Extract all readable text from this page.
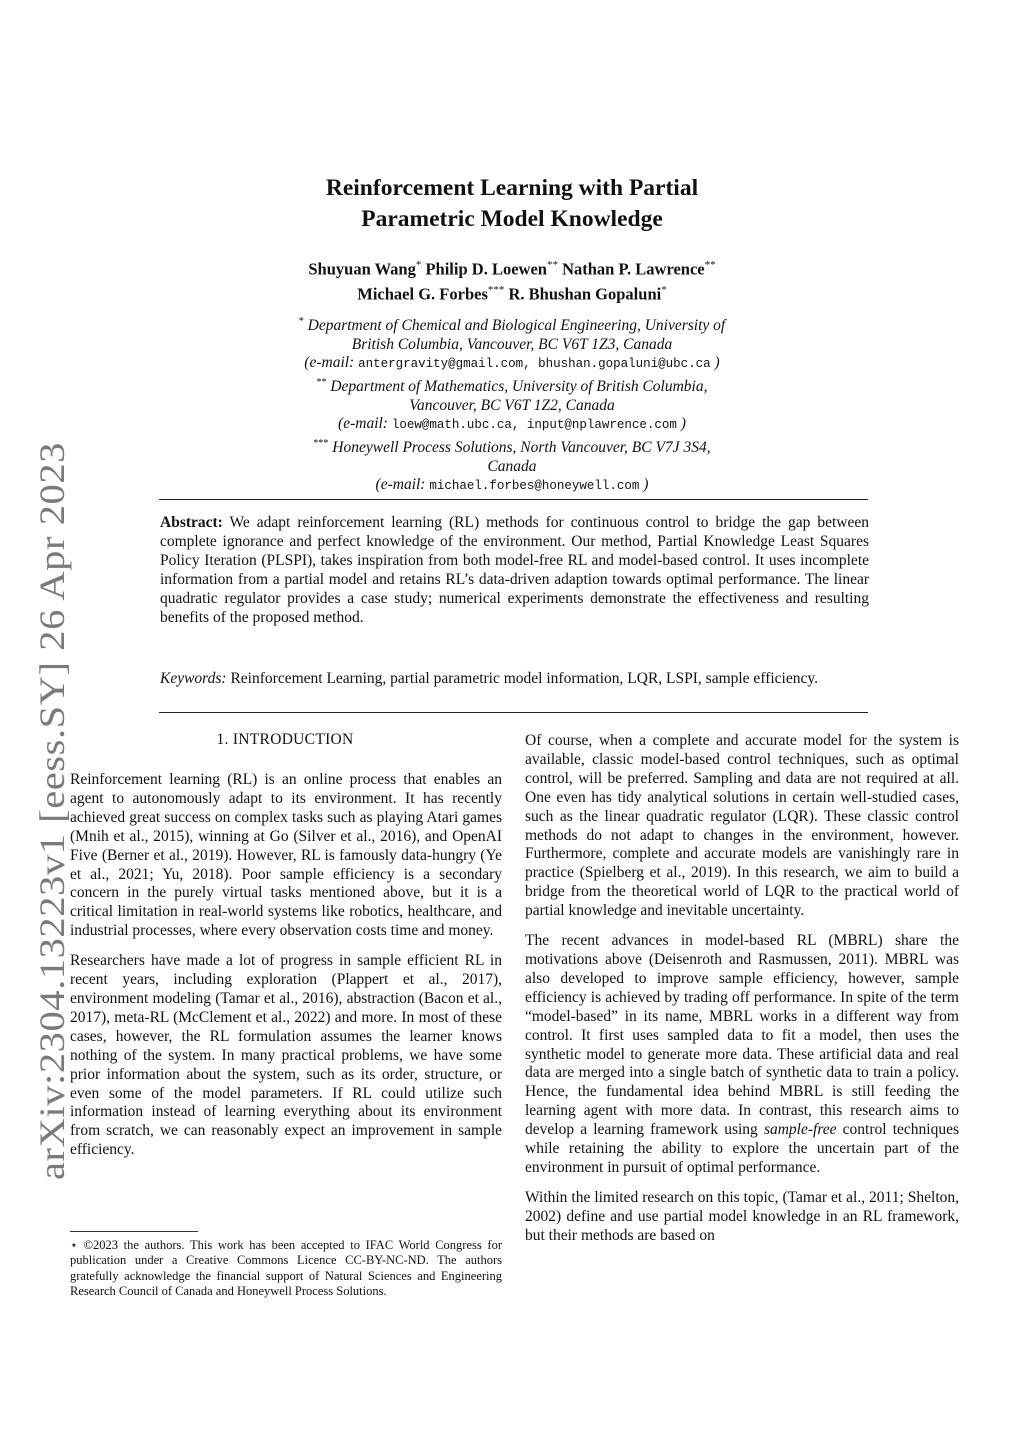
arXiv:2304.13223v1 [eess.SY] 26 Apr 2023
Reinforcement Learning with Partial
Parametric Model Knowledge
Shuyuan Wang* Philip D. Loewen** Nathan P. Lawrence**
Michael G. Forbes*** R. Bhushan Gopaluni*
* Department of Chemical and Biological Engineering, University of
British Columbia, Vancouver, BC V6T 1Z3, Canada
(e-mail: antergravity@gmail.com, bhushan.gopaluni@ubc.ca )
** Department of Mathematics, University of British Columbia,
Vancouver, BC V6T 1Z2, Canada
(e-mail: loew@math.ubc.ca, input@nplawrence.com )
*** Honeywell Process Solutions, North Vancouver, BC V7J 3S4,
Canada
(e-mail: michael.forbes@honeywell.com )
Abstract: We adapt reinforcement learning (RL) methods for continuous control to bridge the gap between complete ignorance and perfect knowledge of the environment. Our method, Partial Knowledge Least Squares Policy Iteration (PLSPI), takes inspiration from both model-free RL and model-based control. It uses incomplete information from a partial model and retains RL’s data-driven adaption towards optimal performance. The linear quadratic regulator provides a case study; numerical experiments demonstrate the effectiveness and resulting benefits of the proposed method.
Keywords: Reinforcement Learning, partial parametric model information, LQR, LSPI, sample efficiency.
1. INTRODUCTION

Reinforcement learning (RL) is an online process that enables an agent to autonomously adapt to its environment. It has recently achieved great success on complex tasks such as playing Atari games (Mnih et al., 2015), winning at Go (Silver et al., 2016), and OpenAI Five (Berner et al., 2019). However, RL is famously data-hungry (Ye et al., 2021; Yu, 2018). Poor sample efficiency is a secondary concern in the purely virtual tasks mentioned above, but it is a critical limitation in real-world systems like robotics, healthcare, and industrial processes, where every observation costs time and money.

Researchers have made a lot of progress in sample efficient RL in recent years, including exploration (Plappert et al., 2017), environment modeling (Tamar et al., 2016), abstraction (Bacon et al., 2017), meta-RL (McClement et al., 2022) and more. In most of these cases, however, the RL formulation assumes the learner knows nothing of the system. In many practical problems, we have some prior information about the system, such as its order, structure, or even some of the model parameters. If RL could utilize such information instead of learning everything about its environment from scratch, we can reasonably expect an improvement in sample efficiency.

⋆ ©2023 the authors. This work has been accepted to IFAC World Congress for publication under a Creative Commons Licence CC-BY-NC-ND. The authors gratefully acknowledge the financial support of Natural Sciences and Engineering Research Council of Canada and Honeywell Process Solutions.

Of course, when a complete and accurate model for the system is available, classic model-based control techniques, such as optimal control, will be preferred. Sampling and data are not required at all. One even has tidy analytical solutions in certain well-studied cases, such as the linear quadratic regulator (LQR). These classic control methods do not adapt to changes in the environment, however. Furthermore, complete and accurate models are vanishingly rare in practice (Spielberg et al., 2019). In this research, we aim to build a bridge from the theoretical world of LQR to the practical world of partial knowledge and inevitable uncertainty.

The recent advances in model-based RL (MBRL) share the motivations above (Deisenroth and Rasmussen, 2011). MBRL was also developed to improve sample efficiency, however, sample efficiency is achieved by trading off performance. In spite of the term “model-based” in its name, MBRL works in a different way from control. It first uses sampled data to fit a model, then uses the synthetic model to generate more data. These artificial data and real data are merged into a single batch of synthetic data to train a policy. Hence, the fundamental idea behind MBRL is still feeding the learning agent with more data. In contrast, this research aims to develop a learning framework using sample-free control techniques while retaining the ability to explore the uncertain part of the environment in pursuit of optimal performance.

Within the limited research on this topic, (Tamar et al., 2011; Shelton, 2002) define and use partial model knowledge in an RL framework, but their methods are based on
